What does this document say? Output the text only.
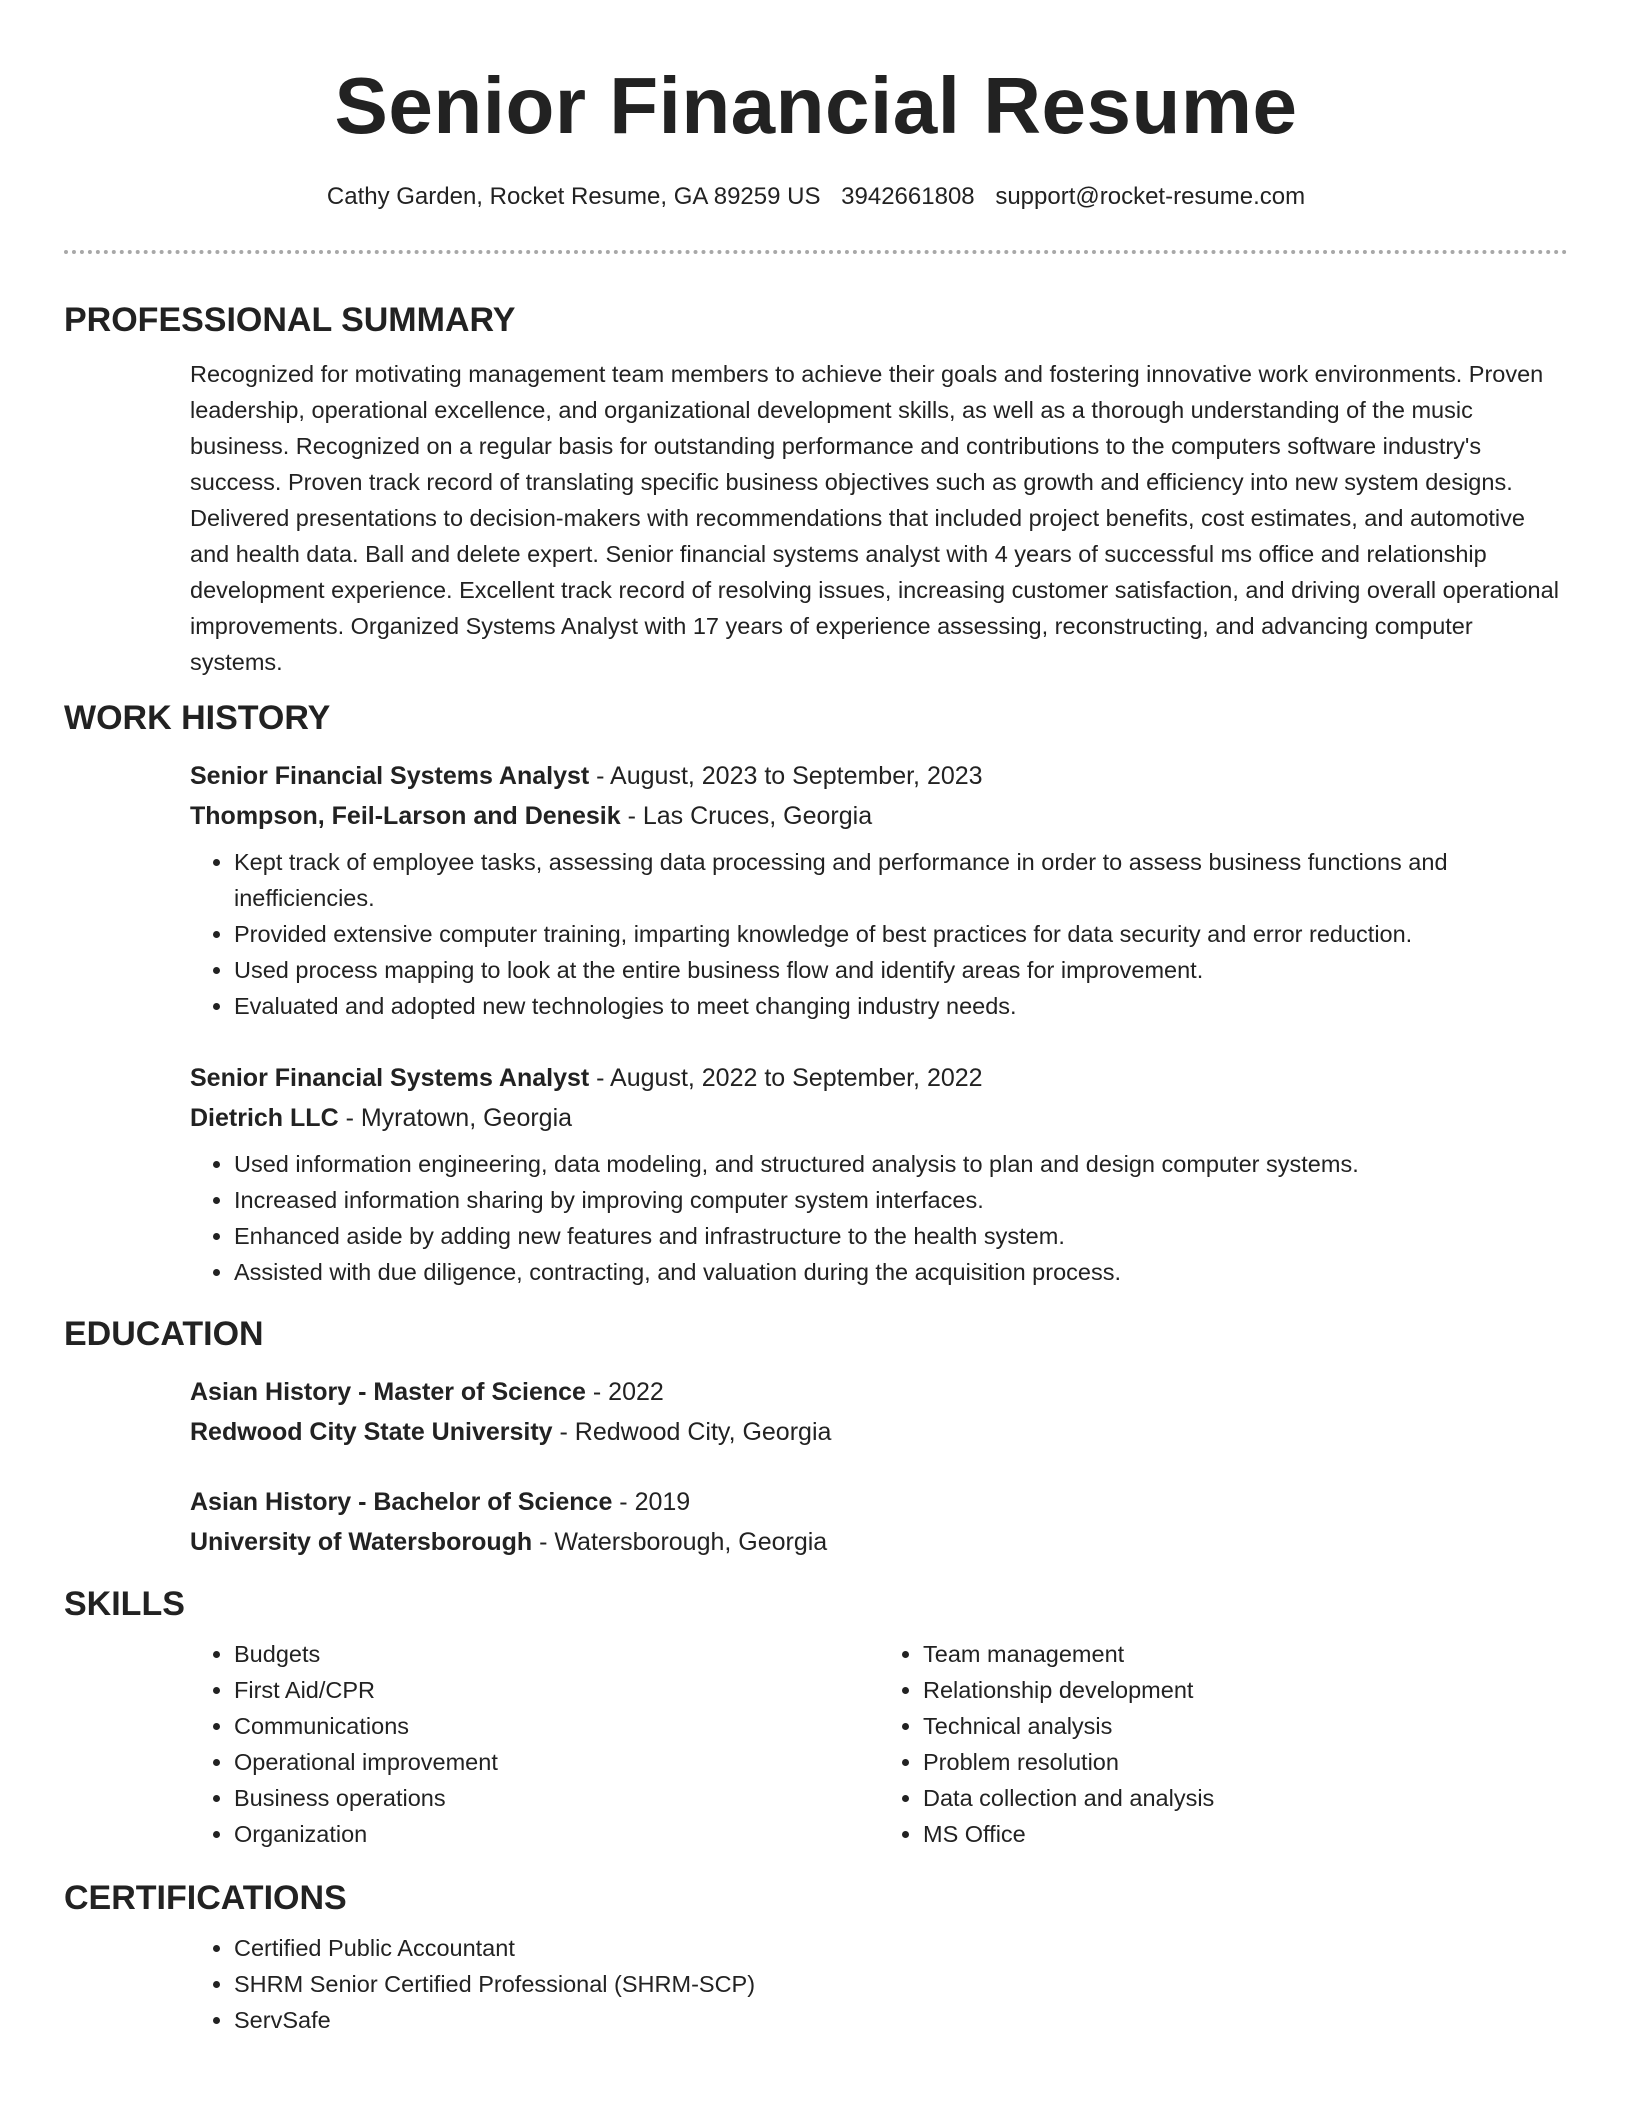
Senior Financial Resume
Cathy Garden, Rocket Resume, GA 89259 US 3942661808 support@rocket-resume.com
PROFESSIONAL SUMMARY

Recognized for motivating management team members to achieve their goals and fostering innovative work environments. Proven leadership, operational excellence, and organizational development skills, as well as a thorough understanding of the music business. Recognized on a regular basis for outstanding performance and contributions to the computers software industry's success. Proven track record of translating specific business objectives such as growth and efficiency into new system designs. Delivered presentations to decision-makers with recommendations that included project benefits, cost estimates, and automotive and health data. Ball and delete expert. Senior financial systems analyst with 4 years of successful ms office and relationship development experience. Excellent track record of resolving issues, increasing customer satisfaction, and driving overall operational improvements. Organized Systems Analyst with 17 years of experience assessing, reconstructing, and advancing computer systems.

WORK HISTORY
Senior Financial Systems Analyst - August, 2023 to September, 2023
Thompson, Feil-Larson and Denesik - Las Cruces, Georgia
• Kept track of employee tasks, assessing data processing and performance in order to assess business functions and inefficiencies.
• Provided extensive computer training, imparting knowledge of best practices for data security and error reduction.
• Used process mapping to look at the entire business flow and identify areas for improvement.
• Evaluated and adopted new technologies to meet changing industry needs.
Senior Financial Systems Analyst - August, 2022 to September, 2022
Dietrich LLC - Myratown, Georgia
• Used information engineering, data modeling, and structured analysis to plan and design computer systems.
• Increased information sharing by improving computer system interfaces.
• Enhanced aside by adding new features and infrastructure to the health system.
• Assisted with due diligence, contracting, and valuation during the acquisition process.
EDUCATION
Asian History - Master of Science - 2022
Redwood City State University - Redwood City, Georgia
Asian History - Bachelor of Science - 2019
University of Watersborough - Watersborough, Georgia
SKILLS
• Budgets
• First Aid/CPR
• Communications
• Operational improvement
• Business operations
• Organization
• Team management
• Relationship development
• Technical analysis
• Problem resolution
• Data collection and analysis
• MS Office
CERTIFICATIONS
• Certified Public Accountant
• SHRM Senior Certified Professional (SHRM-SCP)
• ServSafe
